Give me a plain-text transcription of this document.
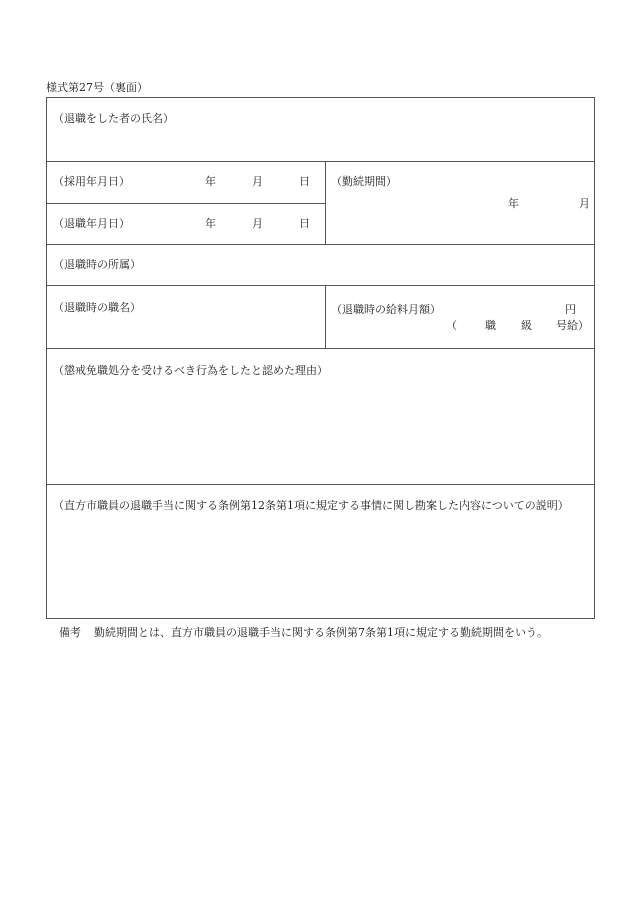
様式第27号（裏面）
（退職をした者の氏名）
（採用年月日）	年	月	日
（退職年月日）	年	月	日
（勤続期間）
年	月
（退職時の所属）
（退職時の職名）	（退職時の給料月額）	円
（	職 級 号給）
（懲戒免職処分を受けるべき行為をしたと認めた理由）
（直方市職員の退職手当に関する条例第12条第1項に規定する事情に関し勘案した内容についての説明）
備考 勤続期間とは、直方市職員の退職手当に関する条例第7条第1項に規定する勤続期間をいう。
